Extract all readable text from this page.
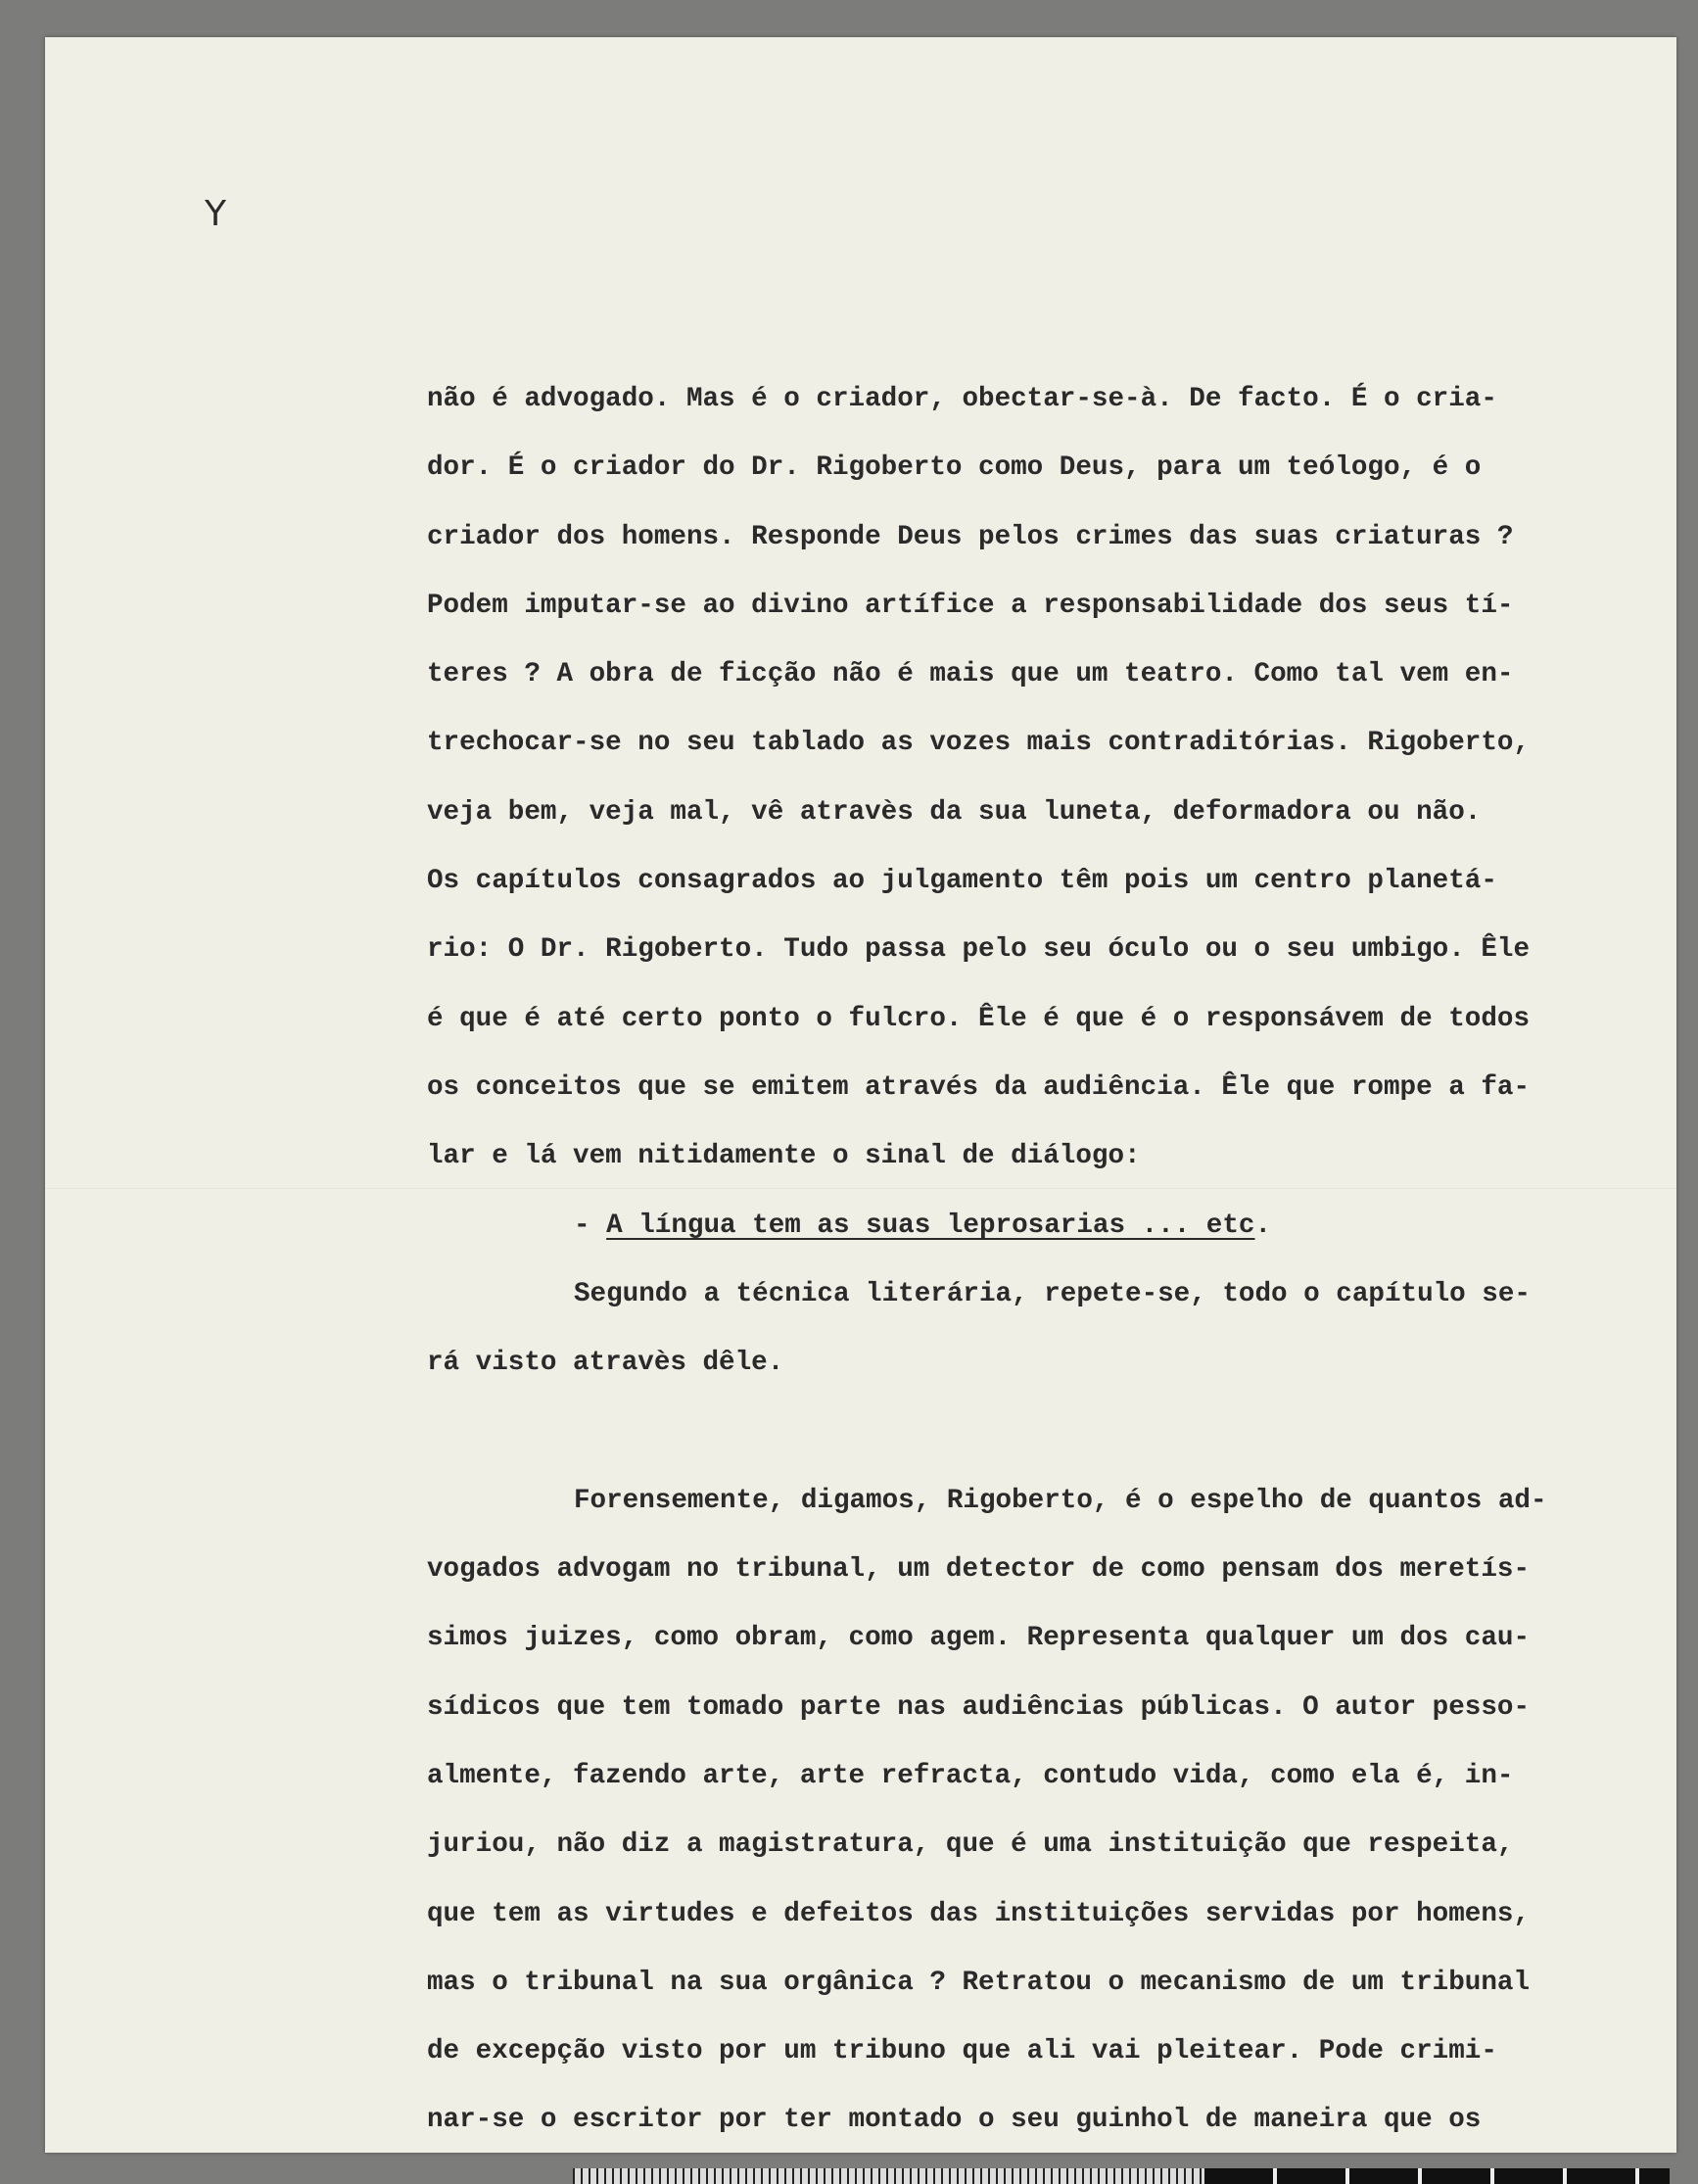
Y
não é advogado. Mas é o criador, obectar-se-à. De facto. É o cria-
dor. É o criador do Dr. Rigoberto como Deus, para um teólogo, é o
criador dos homens. Responde Deus pelos crimes das suas criaturas ?
Podem imputar-se ao divino artífice a responsabilidade dos seus tí-
teres ? A obra de ficção não é mais que um teatro. Como tal vem en-
trechocar-se no seu tablado as vozes mais contraditórias. Rigoberto,
veja bem, veja mal, vê atravès da sua luneta, deformadora ou não.
Os capítulos consagrados ao julgamento têm pois um centro planetá-
rio: O Dr. Rigoberto. Tudo passa pelo seu óculo ou o seu umbigo. Êle
é que é até certo ponto o fulcro. Êle é que é o responsávem de todos
os conceitos que se emitem através da audiência. Êle que rompe a fa-
lar e lá vem nitidamente o sinal de diálogo:
- A língua tem as suas leprosarias ... etc.
Segundo a técnica literária, repete-se, todo o capítulo se-
rá visto atravès dêle.
Forensemente, digamos, Rigoberto, é o espelho de quantos ad-
vogados advogam no tribunal, um detector de como pensam dos meretís-
simos juizes, como obram, como agem. Representa qualquer um dos cau-
sídicos que tem tomado parte nas audiências públicas. O autor pesso-
almente, fazendo arte, arte refracta, contudo vida, como ela é, in-
juriou, não diz a magistratura, que é uma instituição que respeita,
que tem as virtudes e defeitos das instituições servidas por homens,
mas o tribunal na sua orgânica ? Retratou o mecanismo de um tribunal
de excepção visto por um tribuno que ali vai pleitear. Pode crimi-
nar-se o escritor por ter montado o seu guinhol de maneira que os
